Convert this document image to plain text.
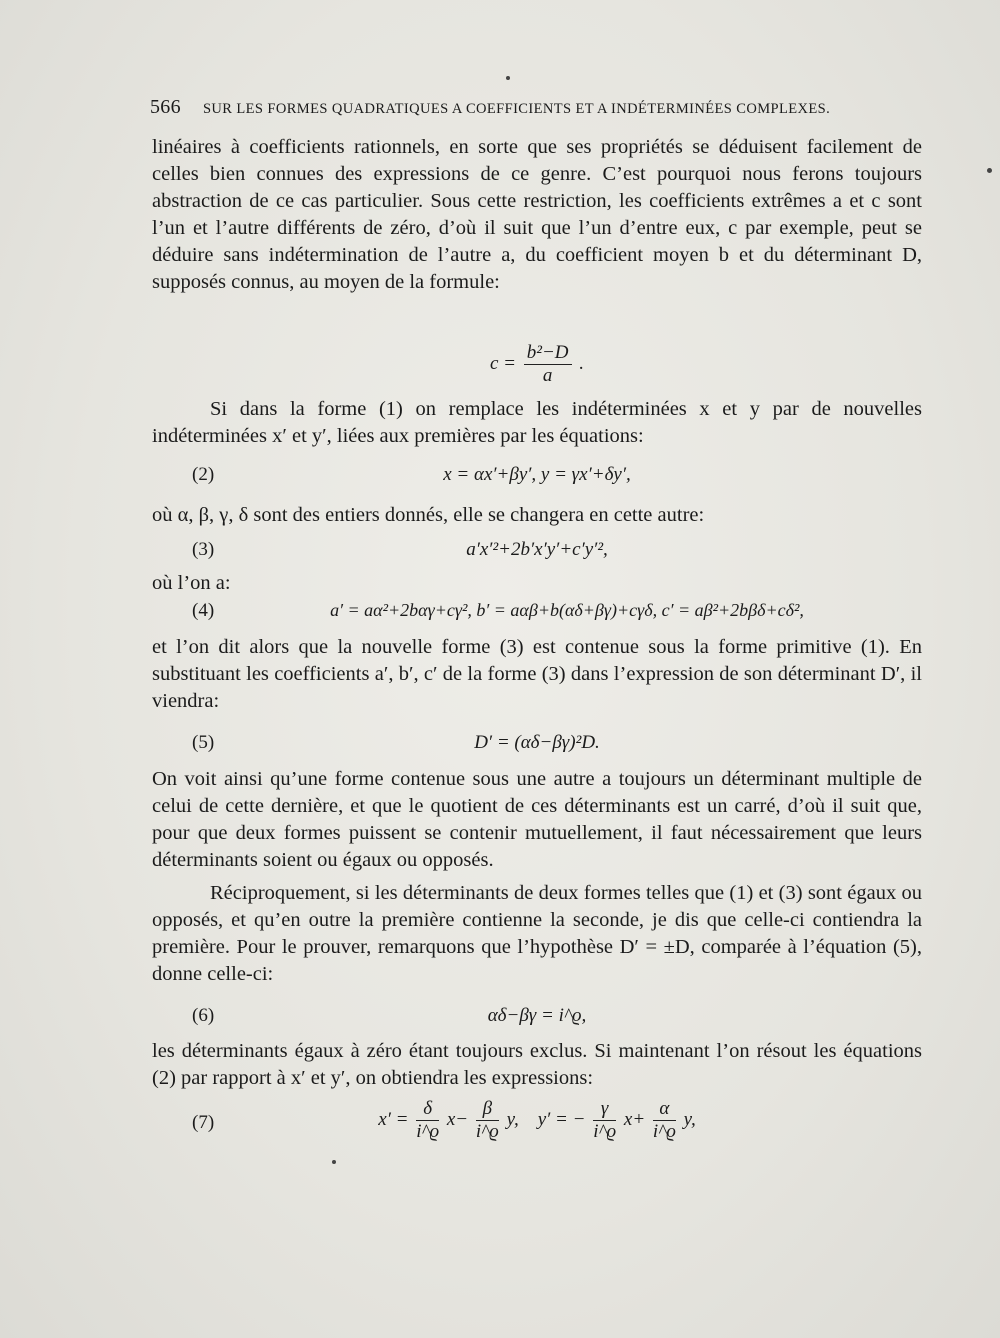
566 SUR LES FORMES QUADRATIQUES A COEFFICIENTS ET A INDÉTERMINÉES COMPLEXES.
linéaires à coefficients rationnels, en sorte que ses propriétés se déduisent facilement de celles bien connues des expressions de ce genre. C’est pourquoi nous ferons toujours abstraction de ce cas particulier. Sous cette restriction, les coefficients extrêmes a et c sont l’un et l’autre différents de zéro, d’où il suit que l’un d’entre eux, c par exemple, peut se déduire sans indétermination de l’autre a, du coefficient moyen b et du déterminant D, supposés connus, au moyen de la formule:
$c = \frac{\text{b²−D}}{a}$ .
Si dans la forme (1) on remplace les indéterminées x et y par de nouvelles indéterminées x′ et y′, liées aux premières par les équations:
(2)	x = αx′+βy′, y = γx′+δy′,
où α, β, γ, δ sont des entiers donnés, elle se changera en cette autre:
(3)	a′x′²+2b′x′y′+c′y′²,
où l’on a:
(4)	a′ = aα²+2bαγ+cγ², b′ = aαβ+b(αδ+βγ)+cγδ, c′ = aβ²+2bβδ+cδ²,
et l’on dit alors que la nouvelle forme (3) est contenue sous la forme primitive (1). En substituant les coefficients a′, b′, c′ de la forme (3) dans l’expression de son déterminant D′, il viendra:
(5)	D′ = (αδ−βγ)²D.
On voit ainsi qu’une forme contenue sous une autre a toujours un déterminant multiple de celui de cette dernière, et que le quotient de ces déterminants est un carré, d’où il suit que, pour que deux formes puissent se contenir mutuellement, il faut nécessairement que leurs déterminants soient ou égaux ou opposés.
Réciproquement, si les déterminants de deux formes telles que (1) et (3) sont égaux ou opposés, et qu’en outre la première contienne la seconde, je dis que celle-ci contiendra la première. Pour le prouver, remarquons que l’hypothèse D′ = ±D, comparée à l’équation (5), donne celle-ci:
(6)	αδ−βγ = i^ϱ,
les déterminants égaux à zéro étant toujours exclus. Si maintenant l’on résout les équations (2) par rapport à x′ et y′, on obtiendra les expressions:
(7)	$x' = \frac{\delta}{i\^{}ϱ} x- \frac{\beta}{i\^{}ϱ} y$, y′ = − $\frac{\gamma}{i\^{}ϱ} x+ \frac{\alpha}{i\^{}ϱ} y$,
